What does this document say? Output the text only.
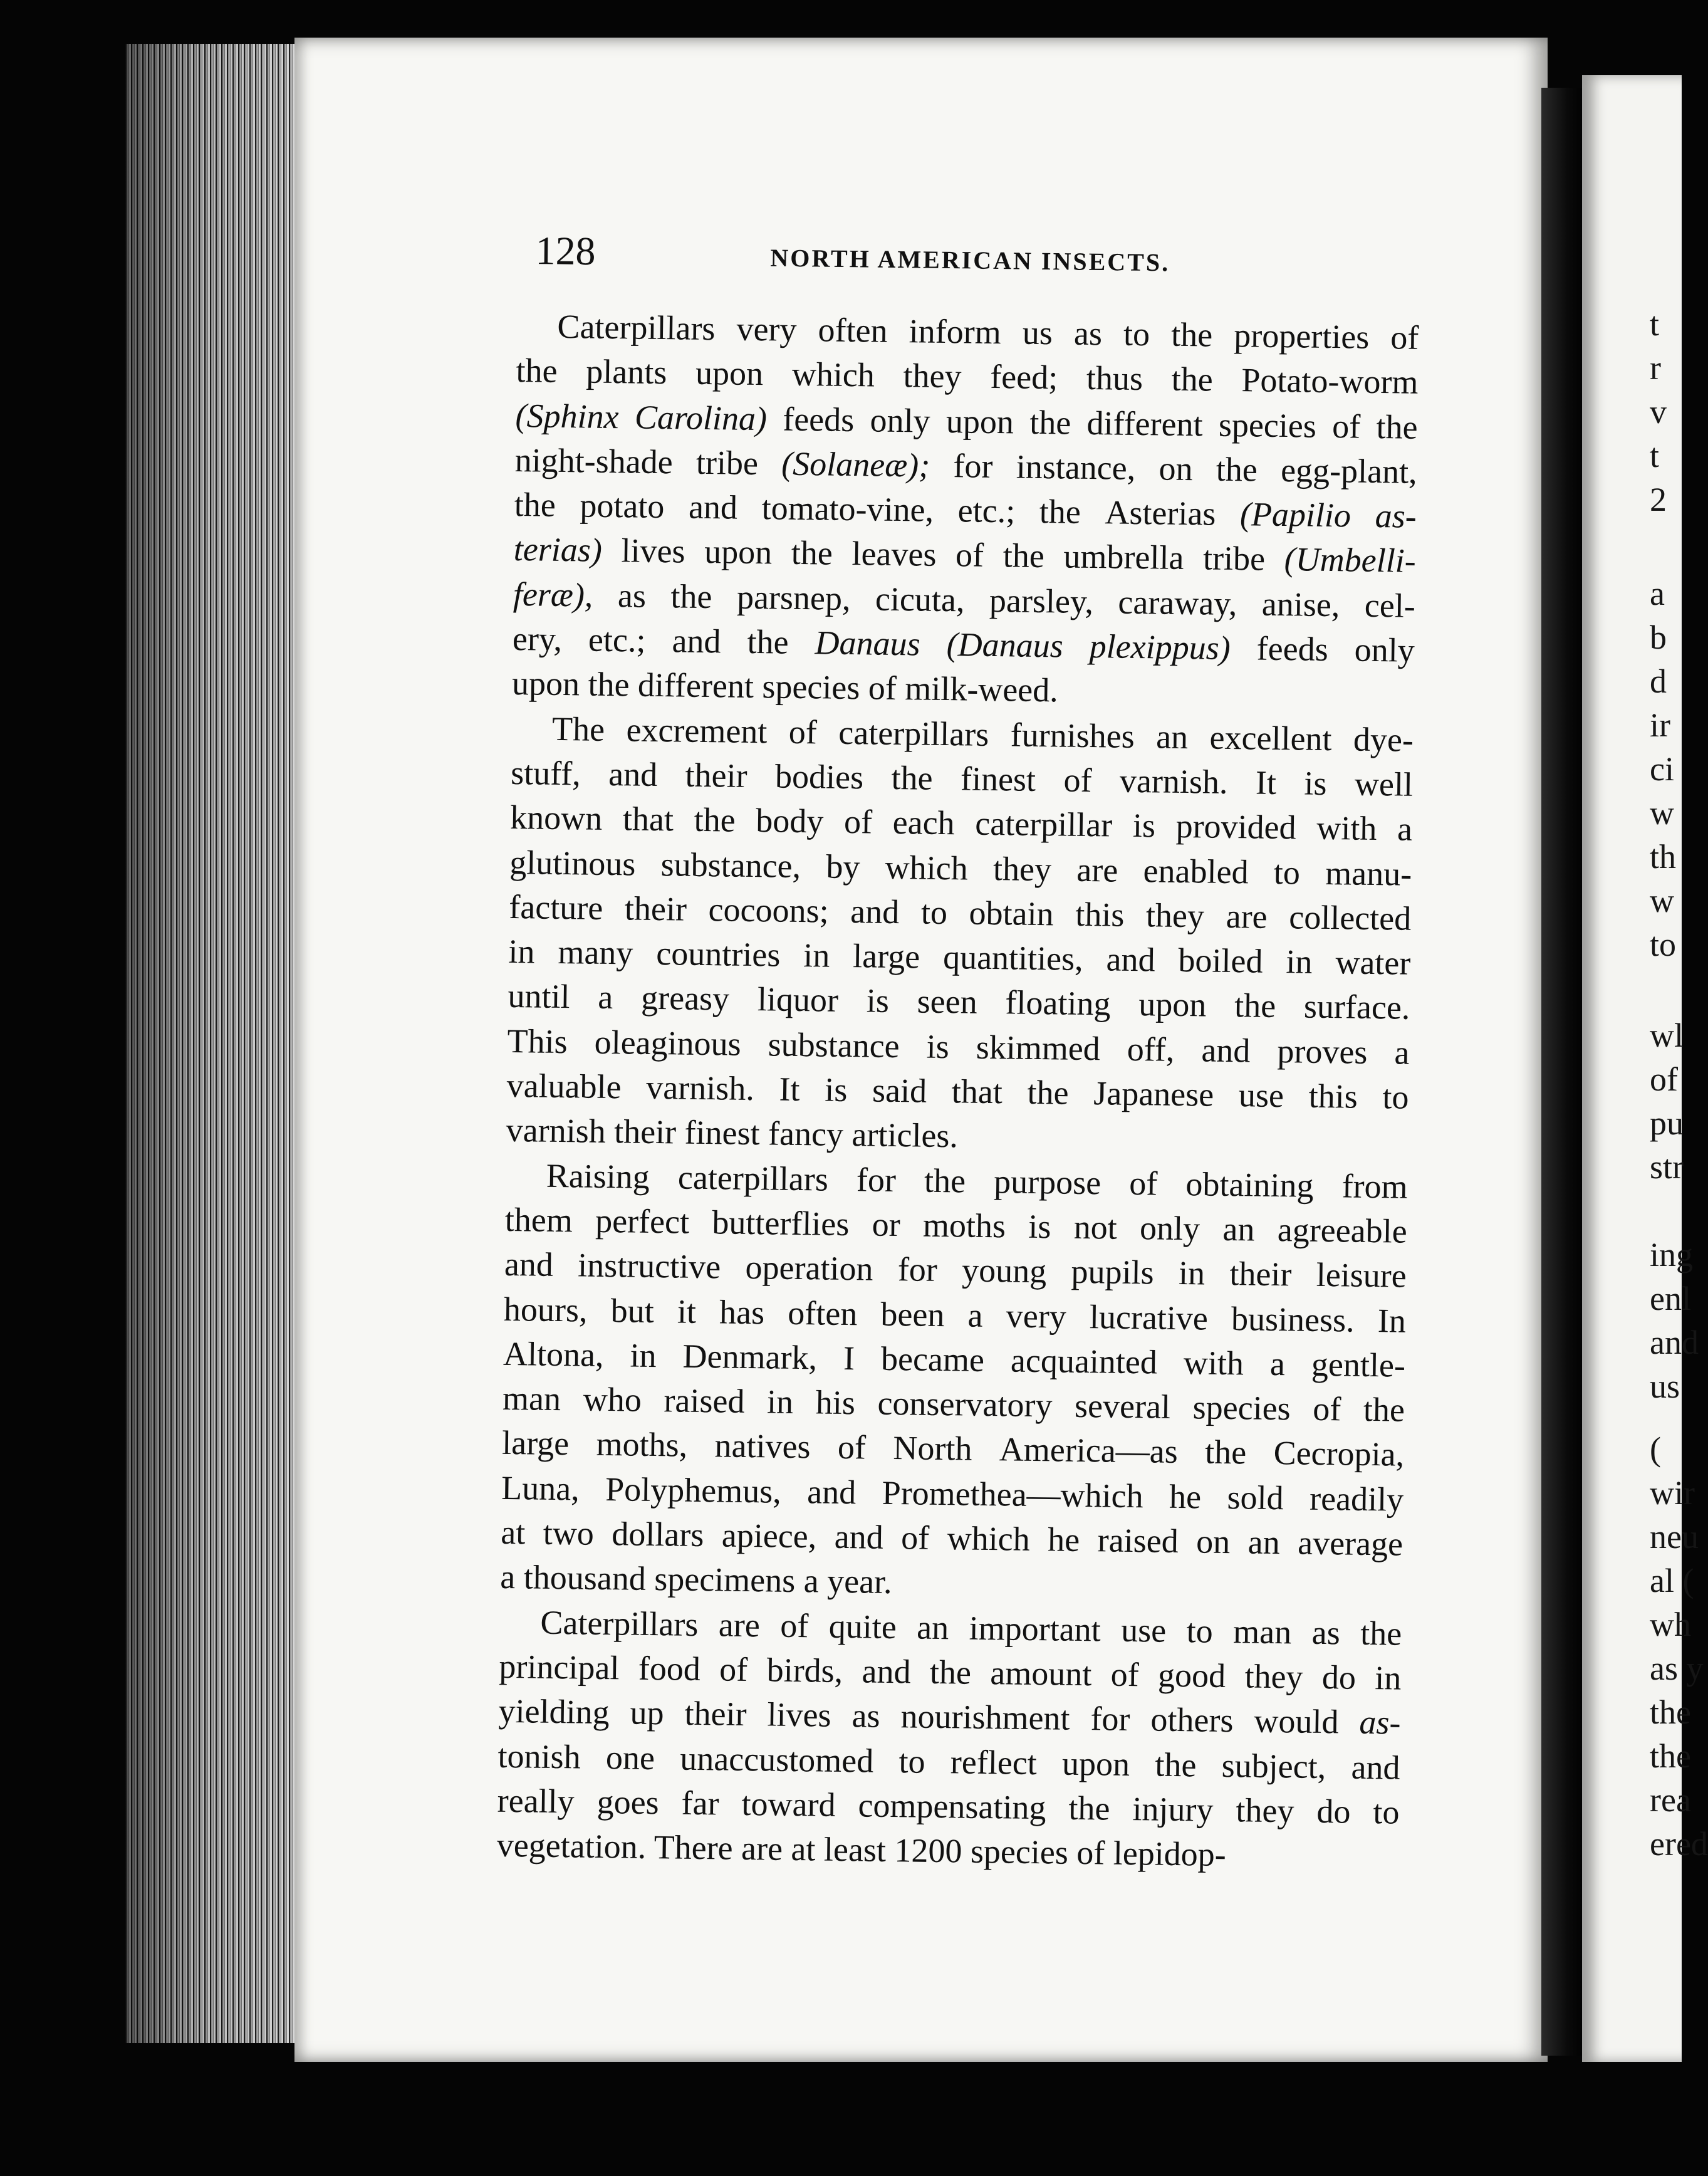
128	NORTH AMERICAN INSECTS.
Caterpillars very often inform us as to the properties of
the plants upon which they feed; thus the Potato-worm
(Sphinx Carolina) feeds only upon the different species of the
night-shade tribe (Solaneæ); for instance, on the egg-plant,
the potato and tomato-vine, etc.; the Asterias (Papilio as-
terias) lives upon the leaves of the umbrella tribe (Umbelli-
feræ), as the parsnep, cicuta, parsley, caraway, anise, cel-
ery, etc.; and the Danaus (Danaus plexippus) feeds only
upon the different species of milk-weed.
The excrement of caterpillars furnishes an excellent dye-
stuff, and their bodies the finest of varnish. It is well
known that the body of each caterpillar is provided with a
glutinous substance, by which they are enabled to manu-
facture their cocoons; and to obtain this they are collected
in many countries in large quantities, and boiled in water
until a greasy liquor is seen floating upon the surface.
This oleaginous substance is skimmed off, and proves a
valuable varnish. It is said that the Japanese use this to
varnish their finest fancy articles.
Raising caterpillars for the purpose of obtaining from
them perfect butterflies or moths is not only an agreeable
and instructive operation for young pupils in their leisure
hours, but it has often been a very lucrative business. In
Altona, in Denmark, I became acquainted with a gentle-
man who raised in his conservatory several species of the
large moths, natives of North America—as the Cecropia,
Luna, Polyphemus, and Promethea—which he sold readily
at two dollars apiece, and of which he raised on an average
a thousand specimens a year.
Caterpillars are of quite an important use to man as the
principal food of birds, and the amount of good they do in
yielding up their lives as nourishment for others would as-
tonish one unaccustomed to reflect upon the subject, and
really goes far toward compensating the injury they do to
vegetation. There are at least 1200 species of lepidop-
t
r
v
t
2
a
b
d
ir
ci
w
th
w
to
wl
of
pu
str
ing
enl
and
us
(
wir
neu
al (
wh
as y
the
the
rea
ered
